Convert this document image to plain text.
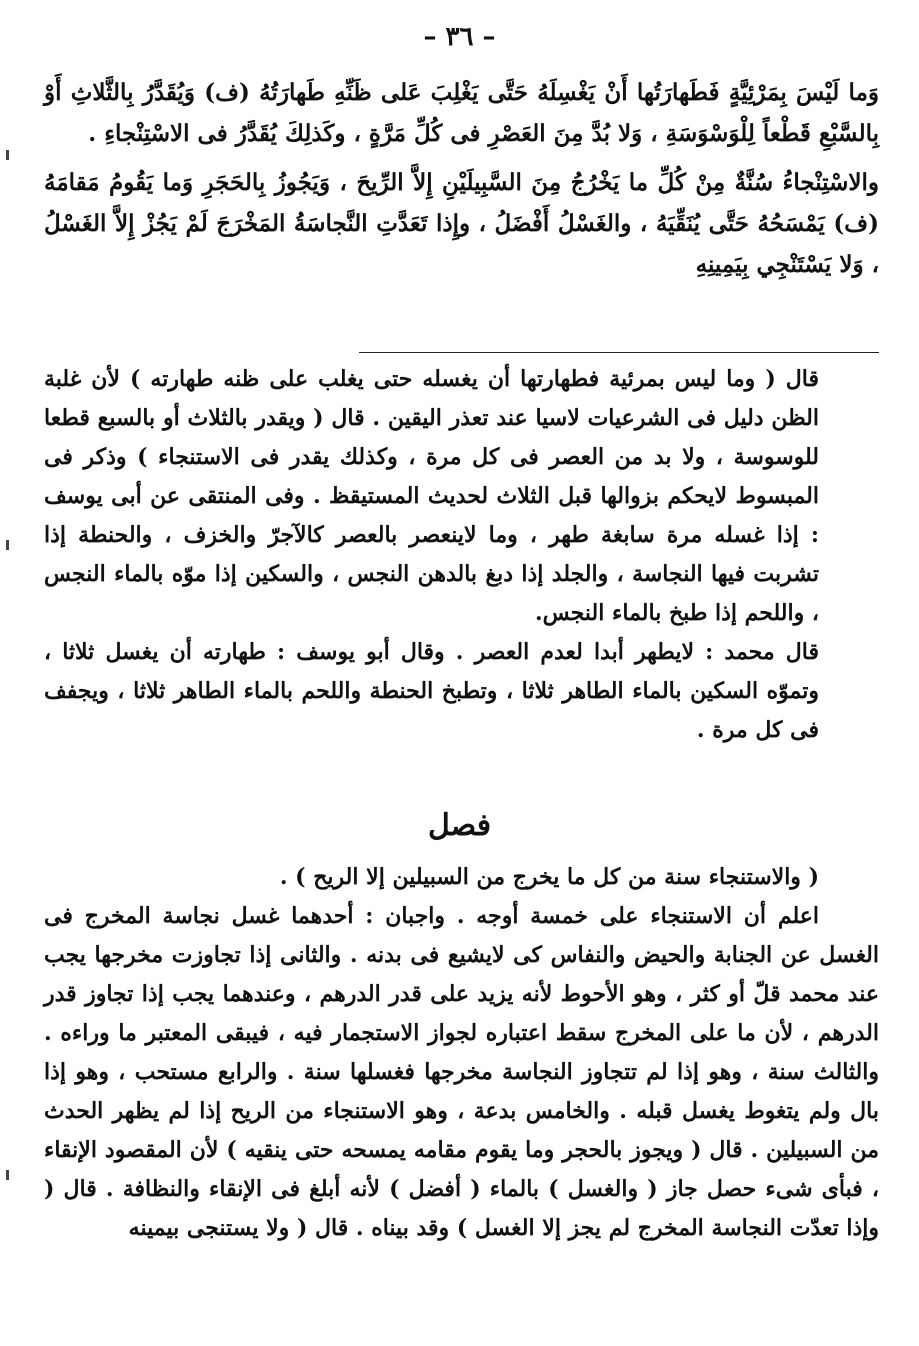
– ٣٦ –

وَما لَيْسَ بِمَرْئِيَّةٍ فَطَهارَتُها أَنْ يَغْسِلَهُ حَتَّى يَغْلِبَ عَلى ظَنِّهِ طَهارَتُهُ (ف) وَيُقَدَّرُ بِالثَّلاثِ أَوْ بِالسَّبْعِ قَطْعاً لِلْوَسْوَسَةِ ، وَلا بُدَّ مِنَ العَصْرِ فى كُلِّ مَرَّةٍ ، وكَذلِكَ يُقَدَّرُ فى الاسْتِنْجاءِ .

والاسْتِنْجاءُ سُنَّةٌ مِنْ كُلِّ ما يَخْرُجُ مِنَ السَّبِيلَيْنِ إِلاَّ الرِّيحَ ، وَيَجُوزُ بِالحَجَرِ وَما يَقُومُ مَقامَهُ (ف) يَمْسَحُهُ حَتَّى يُنَقِّيَهُ ، والغَسْلُ أَفْضَلُ ، وإِذا تَعَدَّتِ النَّجاسَةُ المَخْرَجَ لَمْ يَجُزْ إِلاَّ الغَسْلُ ، وَلا يَسْتَنْجِي بِيَمِينِهِ

قال ( وما ليس بمرئية فطهارتها أن يغسله حتى يغلب على ظنه طهارته ) لأن غلبة الظن دليل فى الشرعيات لاسيا عند تعذر اليقين . قال ( ويقدر بالثلاث أو بالسبع قطعا للوسوسة ، ولا بد من العصر فى كل مرة ، وكذلك يقدر فى الاستنجاء ) وذكر فى المبسوط لايحكم بزوالها قبل الثلاث لحديث المستيقظ . وفى المنتقى عن أبى يوسف : إذا غسله مرة سابغة طهر ، وما لاينعصر بالعصر كالآجرّ والخزف ، والحنطة إذا تشربت فيها النجاسة ، والجلد إذا دبغ بالدهن النجس ، والسكين إذا موّه بالماء النجس ، واللحم إذا طبخ بالماء النجس.

قال محمد : لايطهر أبدا لعدم العصر . وقال أبو يوسف : طهارته أن يغسل ثلاثا ، وتموّه السكين بالماء الطاهر ثلاثا ، وتطبخ الحنطة واللحم بالماء الطاهر ثلاثا ، ويجفف فى كل مرة .

فصل

( والاستنجاء سنة من كل ما يخرج من السبيلين إلا الريح ) .

اعلم أن الاستنجاء على خمسة أوجه . واجبان : أحدهما غسل نجاسة المخرج فى الغسل عن الجنابة والحيض والنفاس كى لايشيع فى بدنه . والثانى إذا تجاوزت مخرجها يجب عند محمد قلّ أو كثر ، وهو الأحوط لأنه يزيد على قدر الدرهم ، وعندهما يجب إذا تجاوز قدر الدرهم ، لأن ما على المخرج سقط اعتباره لجواز الاستجمار فيه ، فيبقى المعتبر ما وراءه . والثالث سنة ، وهو إذا لم تتجاوز النجاسة مخرجها فغسلها سنة . والرابع مستحب ، وهو إذا بال ولم يتغوط يغسل قبله . والخامس بدعة ، وهو الاستنجاء من الريح إذا لم يظهر الحدث من السبيلين . قال ( ويجوز بالحجر وما يقوم مقامه يمسحه حتى ينقيه ) لأن المقصود الإنقاء ، فبأى شىء حصل جاز ( والغسل ) بالماء ( أفضل ) لأنه أبلغ فى الإنقاء والنظافة . قال ( وإذا تعدّت النجاسة المخرج لم يجز إلا الغسل ) وقد بيناه . قال ( ولا يستنجى بيمينه
